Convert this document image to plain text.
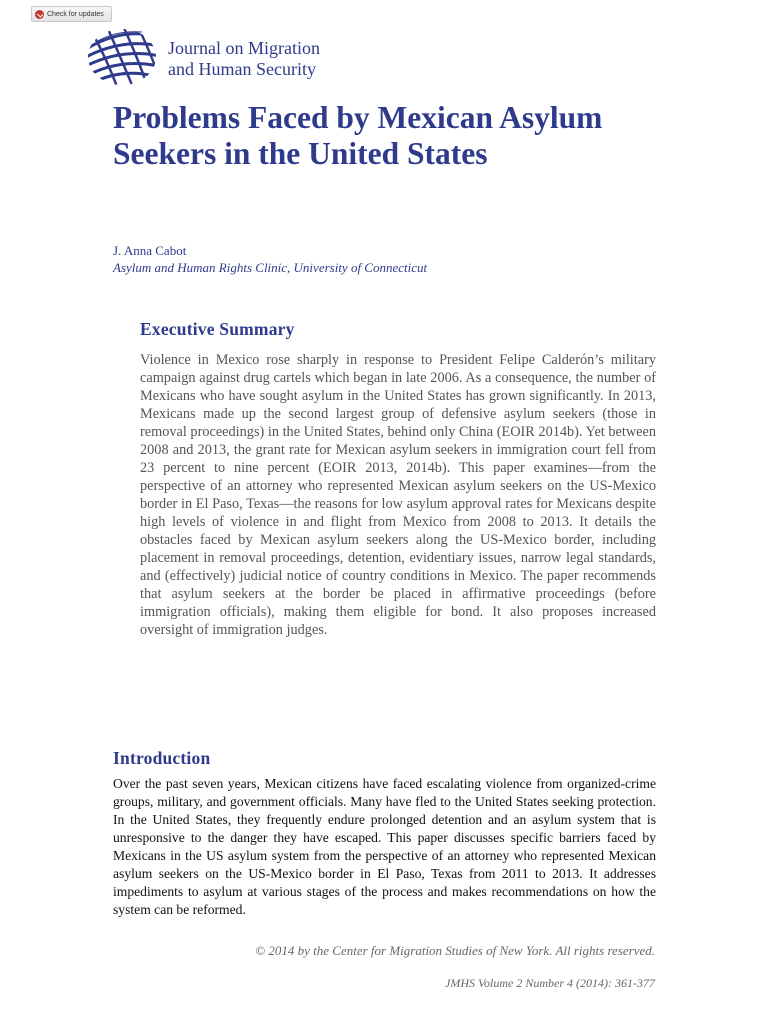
Check for updates
Journal on Migration
and Human Security
Problems Faced by Mexican Asylum Seekers in the United States
J. Anna Cabot
Asylum and Human Rights Clinic, University of Connecticut
Executive Summary

Violence in Mexico rose sharply in response to President Felipe Calderón’s military campaign against drug cartels which began in late 2006. As a consequence, the number of Mexicans who have sought asylum in the United States has grown significantly. In 2013, Mexicans made up the second largest group of defensive asylum seekers (those in removal proceedings) in the United States, behind only China (EOIR 2014b). Yet between 2008 and 2013, the grant rate for Mexican asylum seekers in immigration court fell from 23 percent to nine percent (EOIR 2013, 2014b). This paper examines—from the perspective of an attorney who represented Mexican asylum seekers on the US-Mexico border in El Paso, Texas—the reasons for low asylum approval rates for Mexicans despite high levels of violence in and flight from Mexico from 2008 to 2013. It details the obstacles faced by Mexican asylum seekers along the US-Mexico border, including placement in removal proceedings, detention, evidentiary issues, narrow legal standards, and (effectively) judicial notice of country conditions in Mexico. The paper recommends that asylum seekers at the border be placed in affirmative proceedings (before immigration officials), making them eligible for bond. It also proposes increased oversight of immigration judges.

Introduction

Over the past seven years, Mexican citizens have faced escalating violence from organized-crime groups, military, and government officials. Many have fled to the United States seeking protection. In the United States, they frequently endure prolonged detention and an asylum system that is unresponsive to the danger they have escaped. This paper discusses specific barriers faced by Mexicans in the US asylum system from the perspective of an attorney who represented Mexican asylum seekers on the US-Mexico border in El Paso, Texas from 2011 to 2013. It addresses impediments to asylum at various stages of the process and makes recommendations on how the system can be reformed.

© 2014 by the Center for Migration Studies of New York. All rights reserved.
JMHS Volume 2 Number 4 (2014): 361-377
